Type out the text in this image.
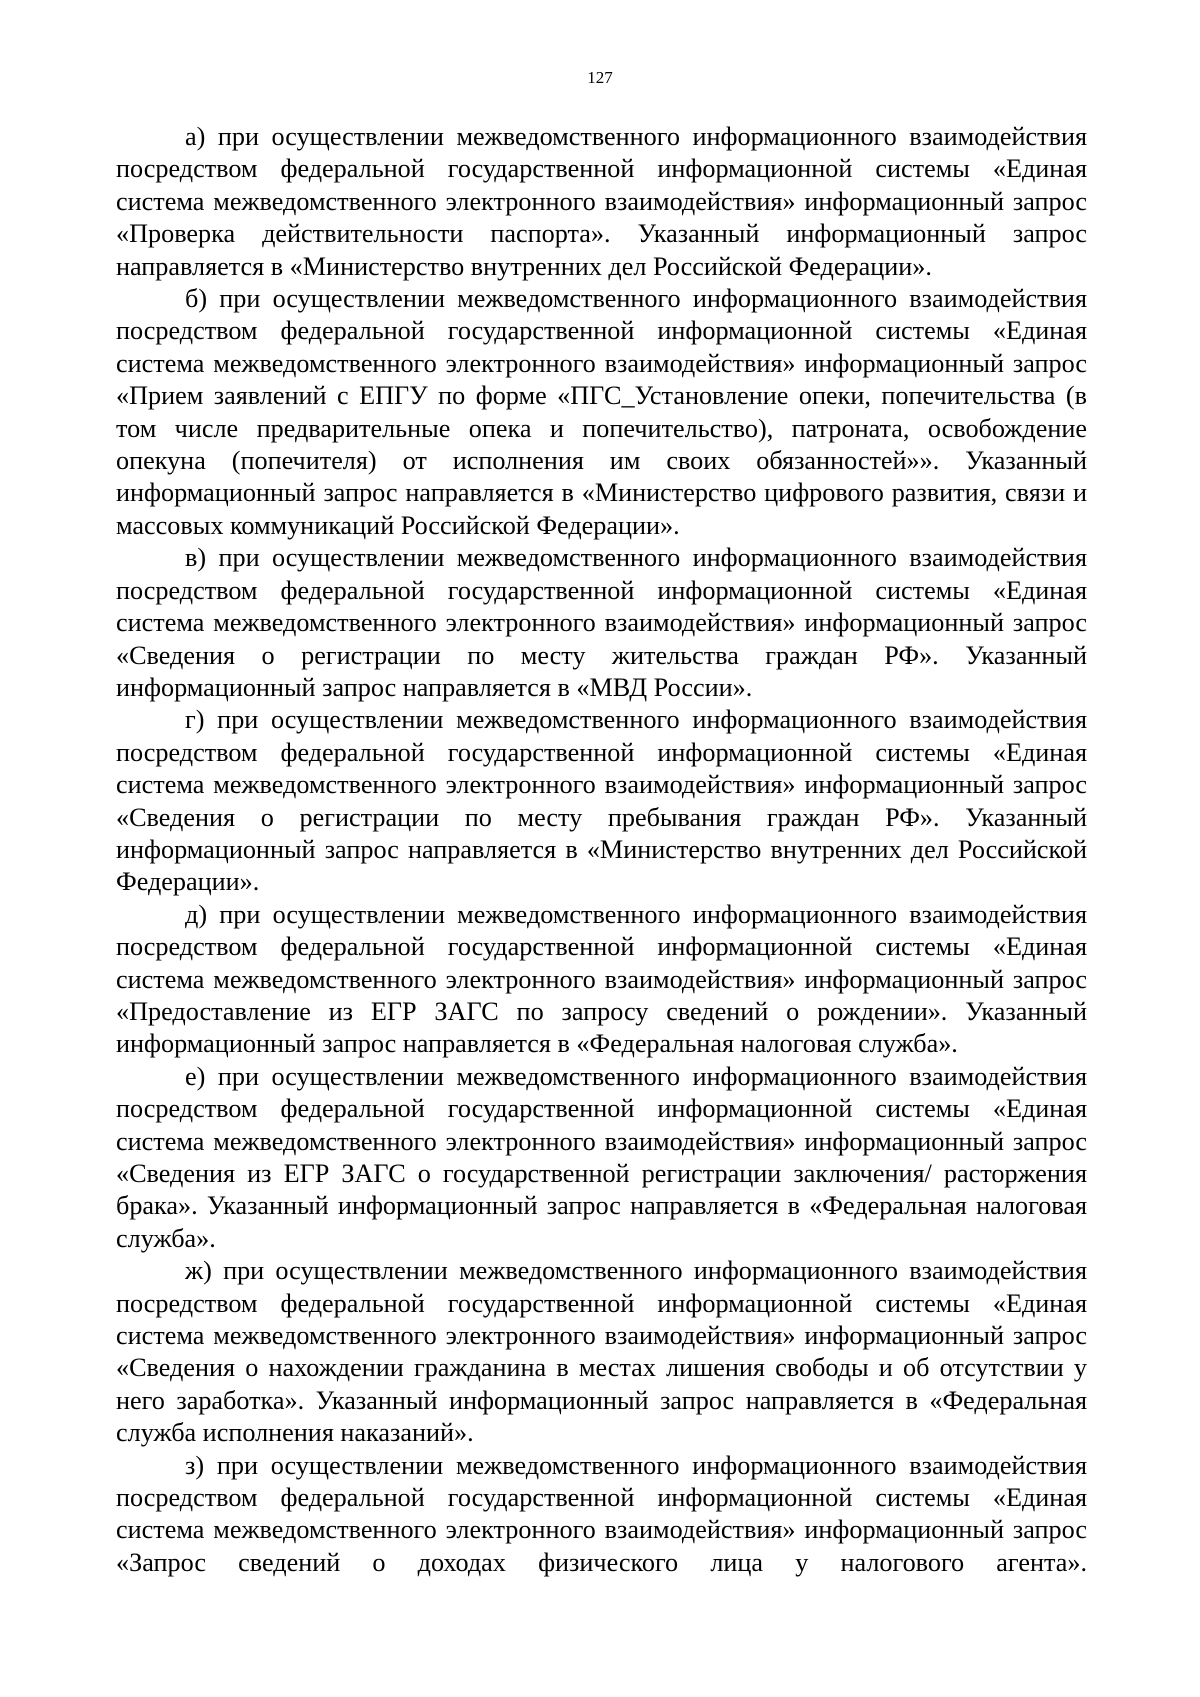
127

а) при осуществлении межведомственного информационного взаимодействия посредством федеральной государственной информационной системы «Единая система межведомственного электронного взаимодействия» информационный запрос «Проверка действительности паспорта». Указанный информационный запрос направляется в «Министерство внутренних дел Российской Федерации».

б) при осуществлении межведомственного информационного взаимодействия посредством федеральной государственной информационной системы «Единая система межведомственного электронного взаимодействия» информационный запрос «Прием заявлений с ЕПГУ по форме «ПГС_Установление опеки, попечительства (в том числе предварительные опека и попечительство), патроната, освобождение опекуна (попечителя) от исполнения им своих обязанностей»». Указанный информационный запрос направляется в «Министерство цифрового развития, связи и массовых коммуникаций Российской Федерации».

в) при осуществлении межведомственного информационного взаимодействия посредством федеральной государственной информационной системы «Единая система межведомственного электронного взаимодействия» информационный запрос «Сведения о регистрации по месту жительства граждан РФ». Указанный информационный запрос направляется в «МВД России».

г) при осуществлении межведомственного информационного взаимодействия посредством федеральной государственной информационной системы «Единая система межведомственного электронного взаимодействия» информационный запрос «Сведения о регистрации по месту пребывания граждан РФ». Указанный информационный запрос направляется в «Министерство внутренних дел Российской Федерации».

д) при осуществлении межведомственного информационного взаимодействия посредством федеральной государственной информационной системы «Единая система межведомственного электронного взаимодействия» информационный запрос «Предоставление из ЕГР ЗАГС по запросу сведений о рождении». Указанный информационный запрос направляется в «Федеральная налоговая служба».

е) при осуществлении межведомственного информационного взаимодействия посредством федеральной государственной информационной системы «Единая система межведомственного электронного взаимодействия» информационный запрос «Сведения из ЕГР ЗАГС о государственной регистрации заключения/ расторжения брака». Указанный информационный запрос направляется в «Федеральная налоговая служба».

ж) при осуществлении межведомственного информационного взаимодействия посредством федеральной государственной информационной системы «Единая система межведомственного электронного взаимодействия» информационный запрос «Сведения о нахождении гражданина в местах лишения свободы и об отсутствии у него заработка». Указанный информационный запрос направляется в «Федеральная служба исполнения наказаний».

з) при осуществлении межведомственного информационного взаимодействия посредством федеральной государственной информационной системы «Единая система межведомственного электронного взаимодействия» информационный запрос «Запрос сведений о доходах физического лица у налогового агента».
